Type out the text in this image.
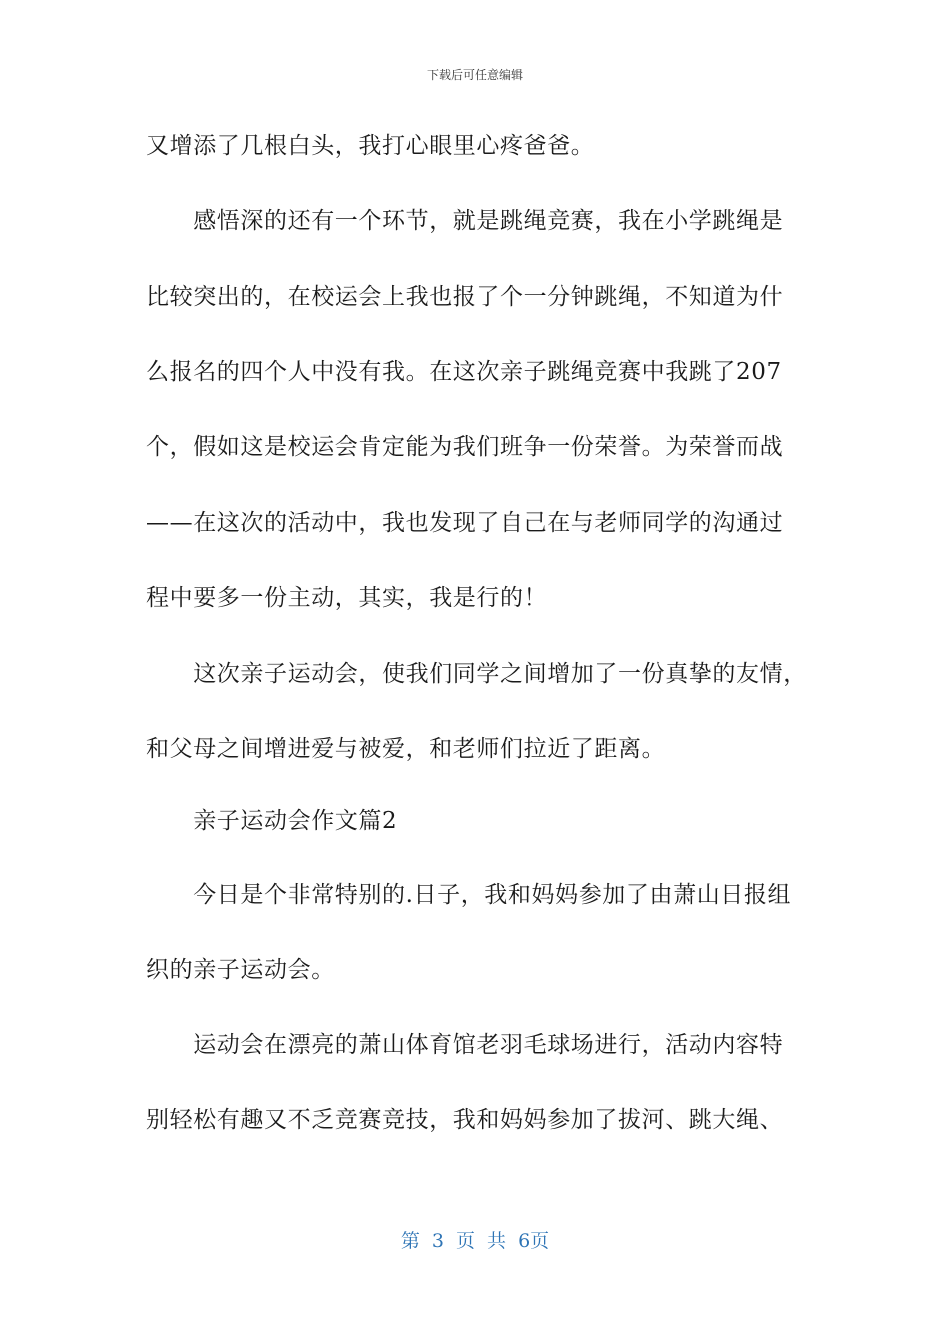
下载后可任意编辑
又增添了几根白头，我打心眼里心疼爸爸。
　　感悟深的还有一个环节，就是跳绳竞赛，我在小学跳绳是
比较突出的，在校运会上我也报了个一分钟跳绳，不知道为什
么报名的四个人中没有我。在这次亲子跳绳竞赛中我跳了207
个，假如这是校运会肯定能为我们班争一份荣誉。为荣誉而战
——在这次的活动中，我也发现了自己在与老师同学的沟通过
程中要多一份主动，其实，我是行的！
　　这次亲子运动会，使我们同学之间增加了一份真挚的友情，
和父母之间增进爱与被爱，和老师们拉近了距离。
　　亲子运动会作文篇2
　　今日是个非常特别的.日子，我和妈妈参加了由萧山日报组
织的亲子运动会。
　　运动会在漂亮的萧山体育馆老羽毛球场进行，活动内容特
别轻松有趣又不乏竞赛竞技，我和妈妈参加了拔河、跳大绳、
第 3 页 共 6页
